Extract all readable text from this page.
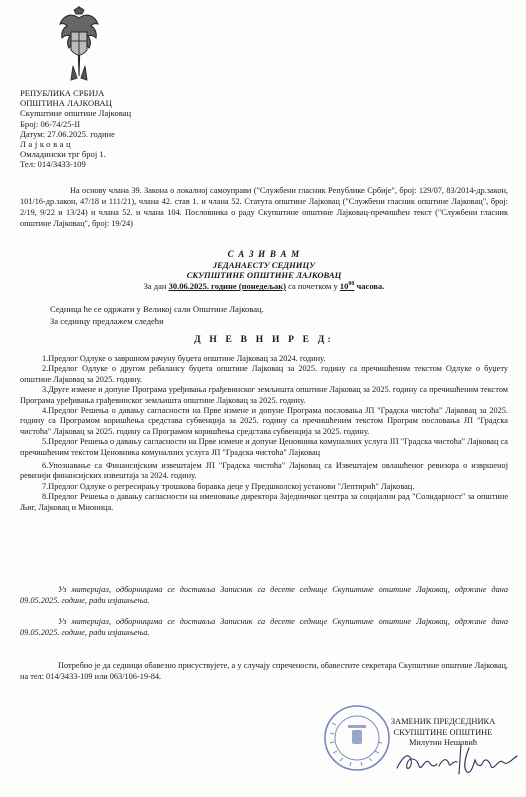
РЕПУБЛИКА СРБИЈА
ОПШТИНА ЛАЈКОВАЦ
Скупштине општине Лајковац
Број: 06-74/25-II
Датум: 27.06.2025. године
Лајковац
Омладински трг број 1.
Тел: 014/3433-109
На основу члана 39. Закона о локалној самоуправи ("Службени гласник Републике Србије", број: 129/07, 83/2014-др.закон, 101/16-др.закон, 47/18 и 111/21), члана 42. став 1. и члана 52. Статута општине Лајковац ("Службени гласник општине Лајковац", број: 2/19, 9/22 и 13/24) и члана 52. и члана 104. Пословника о раду Скупштине општине Лајковац-пречишћен текст ("Службени гласник општине Лајковац", број: 19/24)
С А З И В А М
ЈЕДАНАЕСТУ СЕДНИЦУ
СКУПШТИНЕ ОПШТИНЕ ЛАЈКОВАЦ
За дан 30.06.2025. године (понедељак) са почетком у $10^{00}$ часова.
Седница ће се одржати у Великој сали Општине Лајковац.
За седницу предлажем следећи
Д Н Е В Н И Р Е Д:

1.Предлог Одлуке о завршном рачуну буџета општине Лајковац за 2024. годину.

2.Предлог Одлуке о другом ребалансу буџета општине Лајковац за 2025. годину са пречишћеним текстом Одлуке о буџету општине Лајковац за 2025. годину.

3.Друге измене и допуне Програма уређивања грађевинског земљишта општине Лајковац за 2025. годину са пречишћеним текстом Програма уређивања грађевинског земљишта општине Лајковац за 2025. годину.

4.Предлог Решења о давању сагласности на Прве измене и допуне Програма пословања ЈП "Градска чистоћа" Лајковац за 2025. годину са Програмом коришћења средстава субвенција за 2025. годину са пречишћеним текстом Програм пословања ЈП "Градска чистоћа" Лајковац за 2025. годину са Програмом коришћења средстава субвенција за 2025. годину.

5.Предлог Решења о давању сагласности на Прве измене и допуне Ценовника комуналних услуга ЈП "Градска чистоћа" Лајковац са пречишћеним текстом Ценовника комуналних услуга ЈП "Градска чистоћа" Лајковац

6.Упознавање са Финансијским извештајем ЈП "Градска чистоћа" Лајковац са Извештајем овлашћеног ревизора о извршеној ревизији финансијских извештаја за 2024. годину.

7.Предлог Одлуке о регресирању трошкова боравка деце у Предшколској установи "Лептирић" Лајковац.

8.Предлог Решења о давању сагласности на именовање директора Заједничког центра за социјални рад "Солидарност" за општине Љиг, Лајковац и Мионица.

Уз материјал, одборницима се доставља Записник са десете седнице Скупштине општине Лајковац, одржане дана 09.05.2025. године, ради изјашњења.
Уз материјал, одборницима се доставља Записник са десете седнице Скупштине општине Лајковац, одржане дана 09.05.2025. године, ради изјашњења.
Потребно је да седници обавезно присуствујете, а у случају спречености, обавестите секретара Скупштине општине Лајковац, на тел: 014/3433-109 или 063/106-19-84.
ЗАМЕНИК ПРЕДСЕДНИКА
СКУПШТИНЕ ОПШТИНЕ
Милутин Нешовић
